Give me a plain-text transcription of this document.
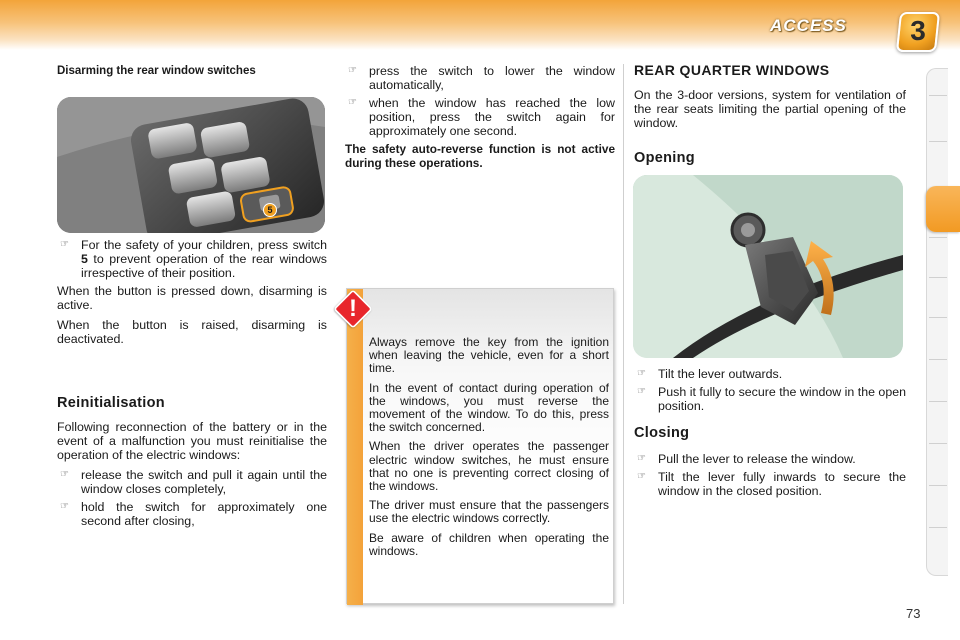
ACCESS	3
Disarming the rear window switches
5
☞ For the safety of your children, press switch 5 to prevent operation of the rear windows irrespective of their position.

When the button is pressed down, disarming is active.

When the button is raised, disarming is deactivated.

Reinitialisation

Following reconnection of the battery or in the event of a malfunction you must reinitialise the operation of the electric windows:

☞ release the switch and pull it again until the window closes completely,
☞ hold the switch for approximately one second after closing,
☞ press the switch to lower the window automatically,
☞ when the window has reached the low position, press the switch again for approximately one second.

The safety auto-reverse function is not active during these operations.

!

Always remove the key from the ignition when leaving the vehicle, even for a short time.

In the event of contact during operation of the windows, you must reverse the movement of the window. To do this, press the switch concerned.

When the driver operates the passenger electric window switches, he must ensure that no one is preventing correct closing of the windows.

The driver must ensure that the passengers use the electric windows correctly.

Be aware of children when operating the windows.

REAR QUARTER WINDOWS

On the 3-door versions, system for ventilation of the rear seats limiting the partial opening of the window.

Opening
☞ Tilt the lever outwards.
☞ Push it fully to secure the window in the open position.
Closing
☞ Pull the lever to release the window.
☞ Tilt the lever fully inwards to secure the window in the closed position.
73
